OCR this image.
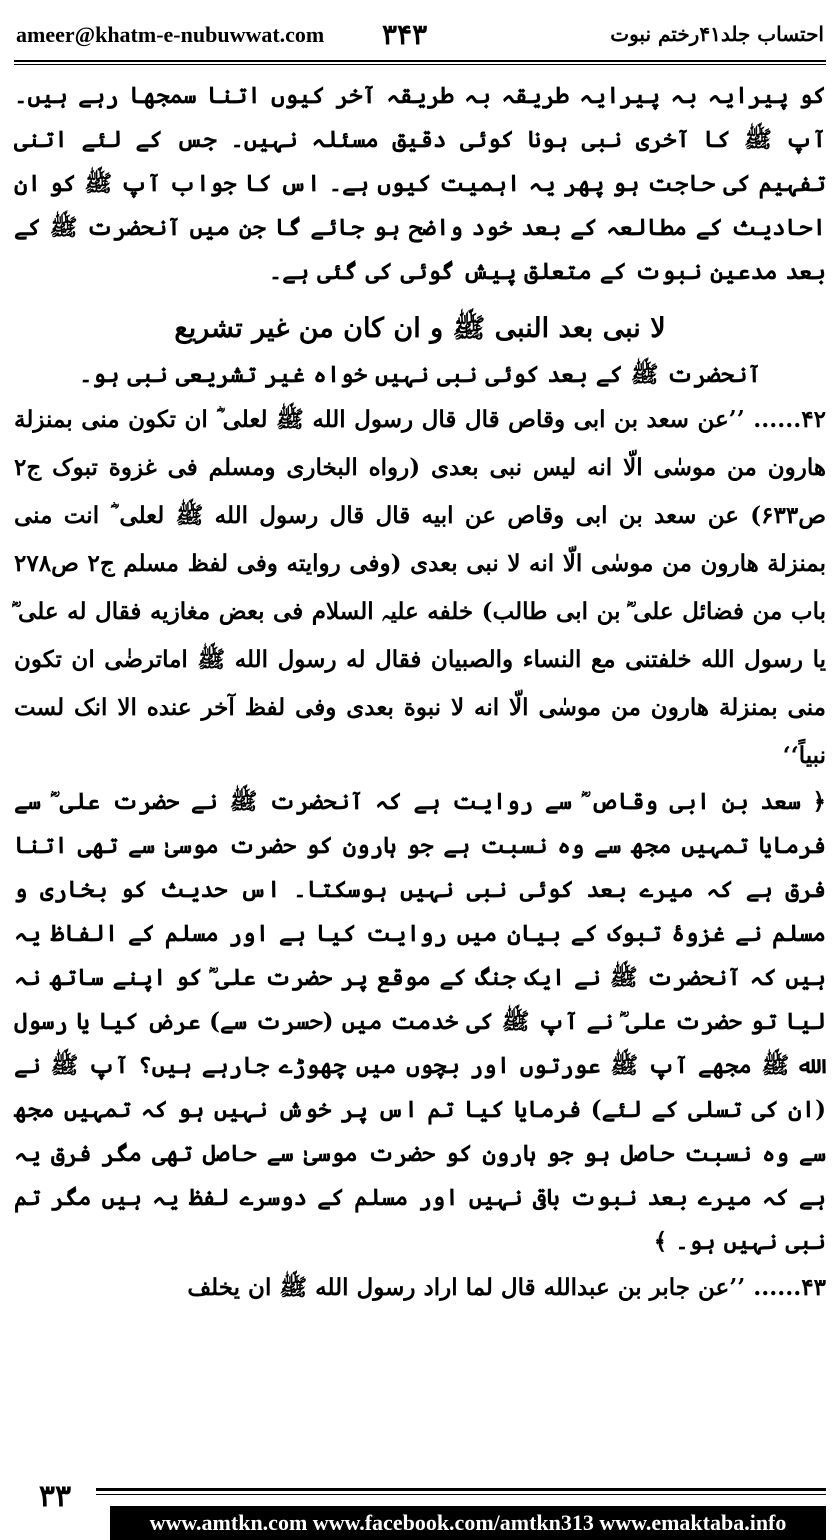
ameer@khatm-e-nubuwwat.com ۳۴۳	احتساب جلد۴۱رختم نبوت

کو پیرایہ بہ پیرایہ طریقہ بہ طریقہ آخر کیوں اتنا سمجھا رہے ہیں۔ آپ ﷺ کا آخری نبی ہونا کوئی دقیق مسئلہ نہیں۔ جس کے لئے اتنی تفہیم کی حاجت ہو پھر یہ اہمیت کیوں ہے۔ اس کا جواب آپ ﷺ کو ان احادیث کے مطالعہ کے بعد خود واضح ہو جائے گا جن میں آنحضرت ﷺ کے بعد مدعین نبوت کے متعلق پیش گوئی کی گئی ہے۔

لا نبی بعد النبی ﷺ و ان کان من غیر تشریع

آنحضرت ﷺ کے بعد کوئی نبی نہیں خواہ غیر تشریعی نبی ہو۔

۴۲...... ’’عن سعد بن ابی وقاص قال قال رسول الله ﷺ لعلی ؓ ان تکون منی بمنزلة هارون من موسٰی الّا انه لیس نبی بعدی (رواه البخاری ومسلم فی غزوة تبوک ج۲ ص۶۳۳) عن سعد بن ابی وقاص عن ابیه قال قال رسول الله ﷺ لعلی ؓ انت منی بمنزلة هارون من موسٰی الّا انه لا نبی بعدی (وفی روایته وفی لفظ مسلم ج۲ ص۲۷۸ باب من فضائل علی ؓ بن ابی طالب) خلفه علیہ السلام فی بعض مغازیه فقال له علی ؓ یا رسول الله خلفتنی مع النساء والصبیان فقال له رسول الله ﷺ اماترضٰی ان تکون منی بمنزلة هارون من موسٰی الّا انه لا نبوة بعدی وفی لفظ آخر عنده الا انک لست نبیاً‘‘

﴿ سعد بن ابی وقاص ؓ سے روایت ہے کہ آنحضرت ﷺ نے حضرت علی ؓ سے فرمایا تمہیں مجھ سے وہ نسبت ہے جو ہارون کو حضرت موسیٰ سے تھی اتنا فرق ہے کہ میرے بعد کوئی نبی نہیں ہوسکتا۔ اس حدیث کو بخاری و مسلم نے غزوۂ تبوک کے بیان میں روایت کیا ہے اور مسلم کے الفاظ یہ ہیں کہ آنحضرت ﷺ نے ایک جنگ کے موقع پر حضرت علی ؓ کو اپنے ساتھ نہ لیا تو حضرت علی ؓ نے آپ ﷺ کی خدمت میں (حسرت سے) عرض کیا یا رسول الله ﷺ مجھے آپ ﷺ عورتوں اور بچوں میں چھوڑے جارہے ہیں؟ آپ ﷺ نے (ان کی تسلی کے لئے) فرمایا کیا تم اس پر خوش نہیں ہو کہ تمہیں مجھ سے وہ نسبت حاصل ہو جو ہارون کو حضرت موسیٰ سے حاصل تھی مگر فرق یہ ہے کہ میرے بعد نبوت باقی نہیں اور مسلم کے دوسرے لفظ یہ ہیں مگر تم نبی نہیں ہو۔ ﴾

۴۳...... ’’عن جابر بن عبدالله قال لما اراد رسول الله ﷺ ان یخلف

۳۳
www.amtkn.com www.facebook.com/amtkn313 www.emaktaba.info
